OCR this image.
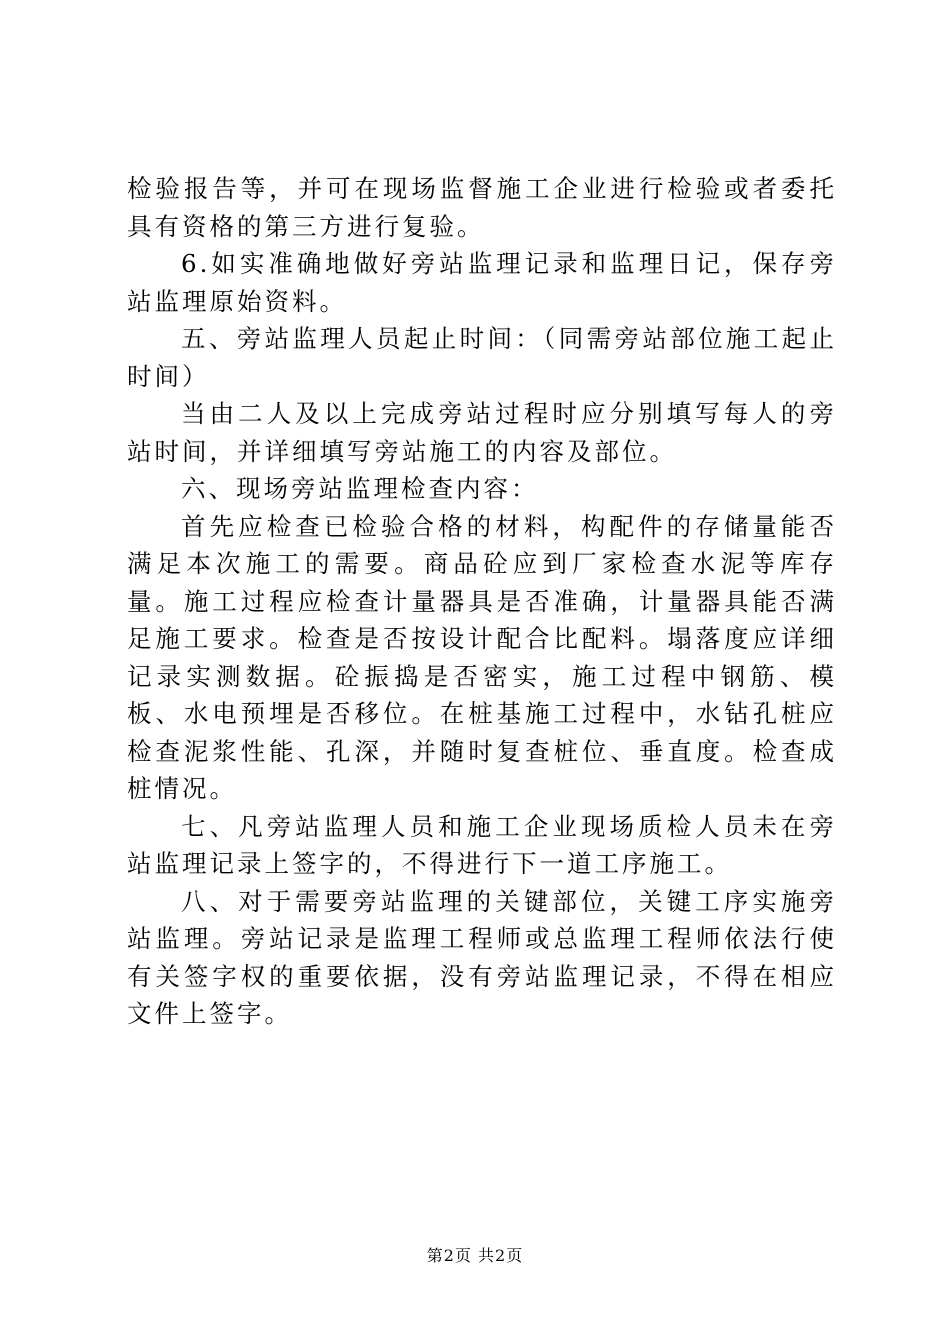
检验报告等，并可在现场监督施工企业进行检验或者委托具有资格的第三方进行复验。

6.如实准确地做好旁站监理记录和监理日记，保存旁站监理原始资料。

五、旁站监理人员起止时间：（同需旁站部位施工起止时间）

当由二人及以上完成旁站过程时应分别填写每人的旁站时间，并详细填写旁站施工的内容及部位。

六、现场旁站监理检查内容：

首先应检查已检验合格的材料，构配件的存储量能否满足本次施工的需要。商品砼应到厂家检查水泥等库存量。施工过程应检查计量器具是否准确，计量器具能否满足施工要求。检查是否按设计配合比配料。塌落度应详细记录实测数据。砼振捣是否密实，施工过程中钢筋、模板、水电预埋是否移位。在桩基施工过程中，水钻孔桩应检查泥浆性能、孔深，并随时复查桩位、垂直度。检查成桩情况。

七、凡旁站监理人员和施工企业现场质检人员未在旁站监理记录上签字的，不得进行下一道工序施工。

八、对于需要旁站监理的关键部位，关键工序实施旁站监理。旁站记录是监理工程师或总监理工程师依法行使有关签字权的重要依据，没有旁站监理记录，不得在相应文件上签字。

第2页 共2页
